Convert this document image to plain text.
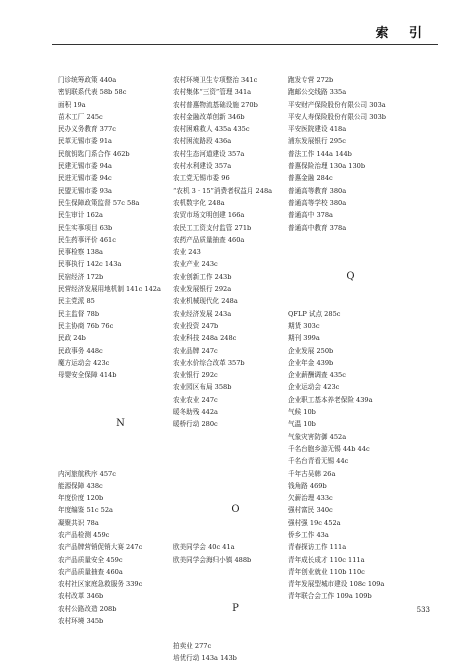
索 引
门诊统筹政策 440a
密钥联系代表 58b 58c
面积 19a
苗木工厂 245c
民办义务教育 377c
民革无锡市委 91a
民航钥匙门系合作 462b
民建无锡市委 94a
民进无锡市委 94c
民盟无锡市委 93a
民生保障政策监督 57c 58a
民生审计 162a
民生实事项目 63b
民生药事评价 461c
民事检察 138a
民事执行 142c 143a
民宿经济 172b
民营经济发展用地机制 141c 142a
民主党派 85
民主监督 78b
民主协商 76b 76c
民政 24b
民政事务 448c
魔方运动会 423c
母婴安全保障 414b
N
内河旅航秩序 457c
能源保障 438c
年度价度 120b
年度编鉴 51c 52a
凝聚共识 78a
农产品检测 459c
农产品牌营销促销大赛 247c
农产品质量安全 459c
农产品质量抽查 460a
农村社区家庭急救服务 339c
农村改革 346b
农村公路改造 208b
农村环境 345b
农村环境卫生专项整治 341c
农村集体“三资”管理 341a
农村普惠物流基础设施 270b
农村金融改革创新 346b
农村困难救人 435a 435c
农村困流路段 436a
农村生态河道建设 357a
农村水利建设 357a
农工党无锡市委 96
“农机 3 · 15”消费者权益月 248a
农机数字化 248a
农贸市场文明创建 166a
农民工工资支付监管 271b
农药产品质量抽查 460a
农业 243
农业产业 243c
农业创新工作 243b
农业发展银行 292a
农业机械现代化 248a
农业经济发展 243a
农业投资 247b
农业科技 248a 248c
农业品牌 247c
农业水价综合改革 357b
农业银行 292c
农业园区布局 358b
农业农业 247c
暖冬助残 442a
暖桥行动 280c
O
欧美同学会 40c 41a
欧美同学会海归小镇 488b
P
拍卖业 277c
培优行动 143a 143b
跑发专营 272b
跑邮公交线路 335a
平安财产保险股份有限公司 303a
平安人寿保险股份有限公司 303b
平安医院建设 418a
浦东发展银行 295c
普法工作 144a 144b
普惠保险治理 130a 130b
普惠金融 284c
普通高等教育 380a
普通高等学校 380a
普通高中 378a
普通高中教育 378a
Q
QFLP 试点 285c
期货 303c
期刊 399a
企业发展 250b
企业年金 439b
企业薪酬调查 435c
企业运动会 423c
企业职工基本养老保险 439a
气候 10b
气温 10b
气象灾害防御 452a
千名台胞乡游无锡 44b 44c
千名台青看无锡 44c
千年古吴韩 26a
钱角路 469b
欠薪治理 433c
强村富民 340c
强村强 19c 452a
侨乡工作 43a
青春探访工作 111a
青年成长成才 110c 111a
青年创业就业 110b 110c
青年发展型城市建设 108c 109a
青年联合会工作 109a 109b
533
